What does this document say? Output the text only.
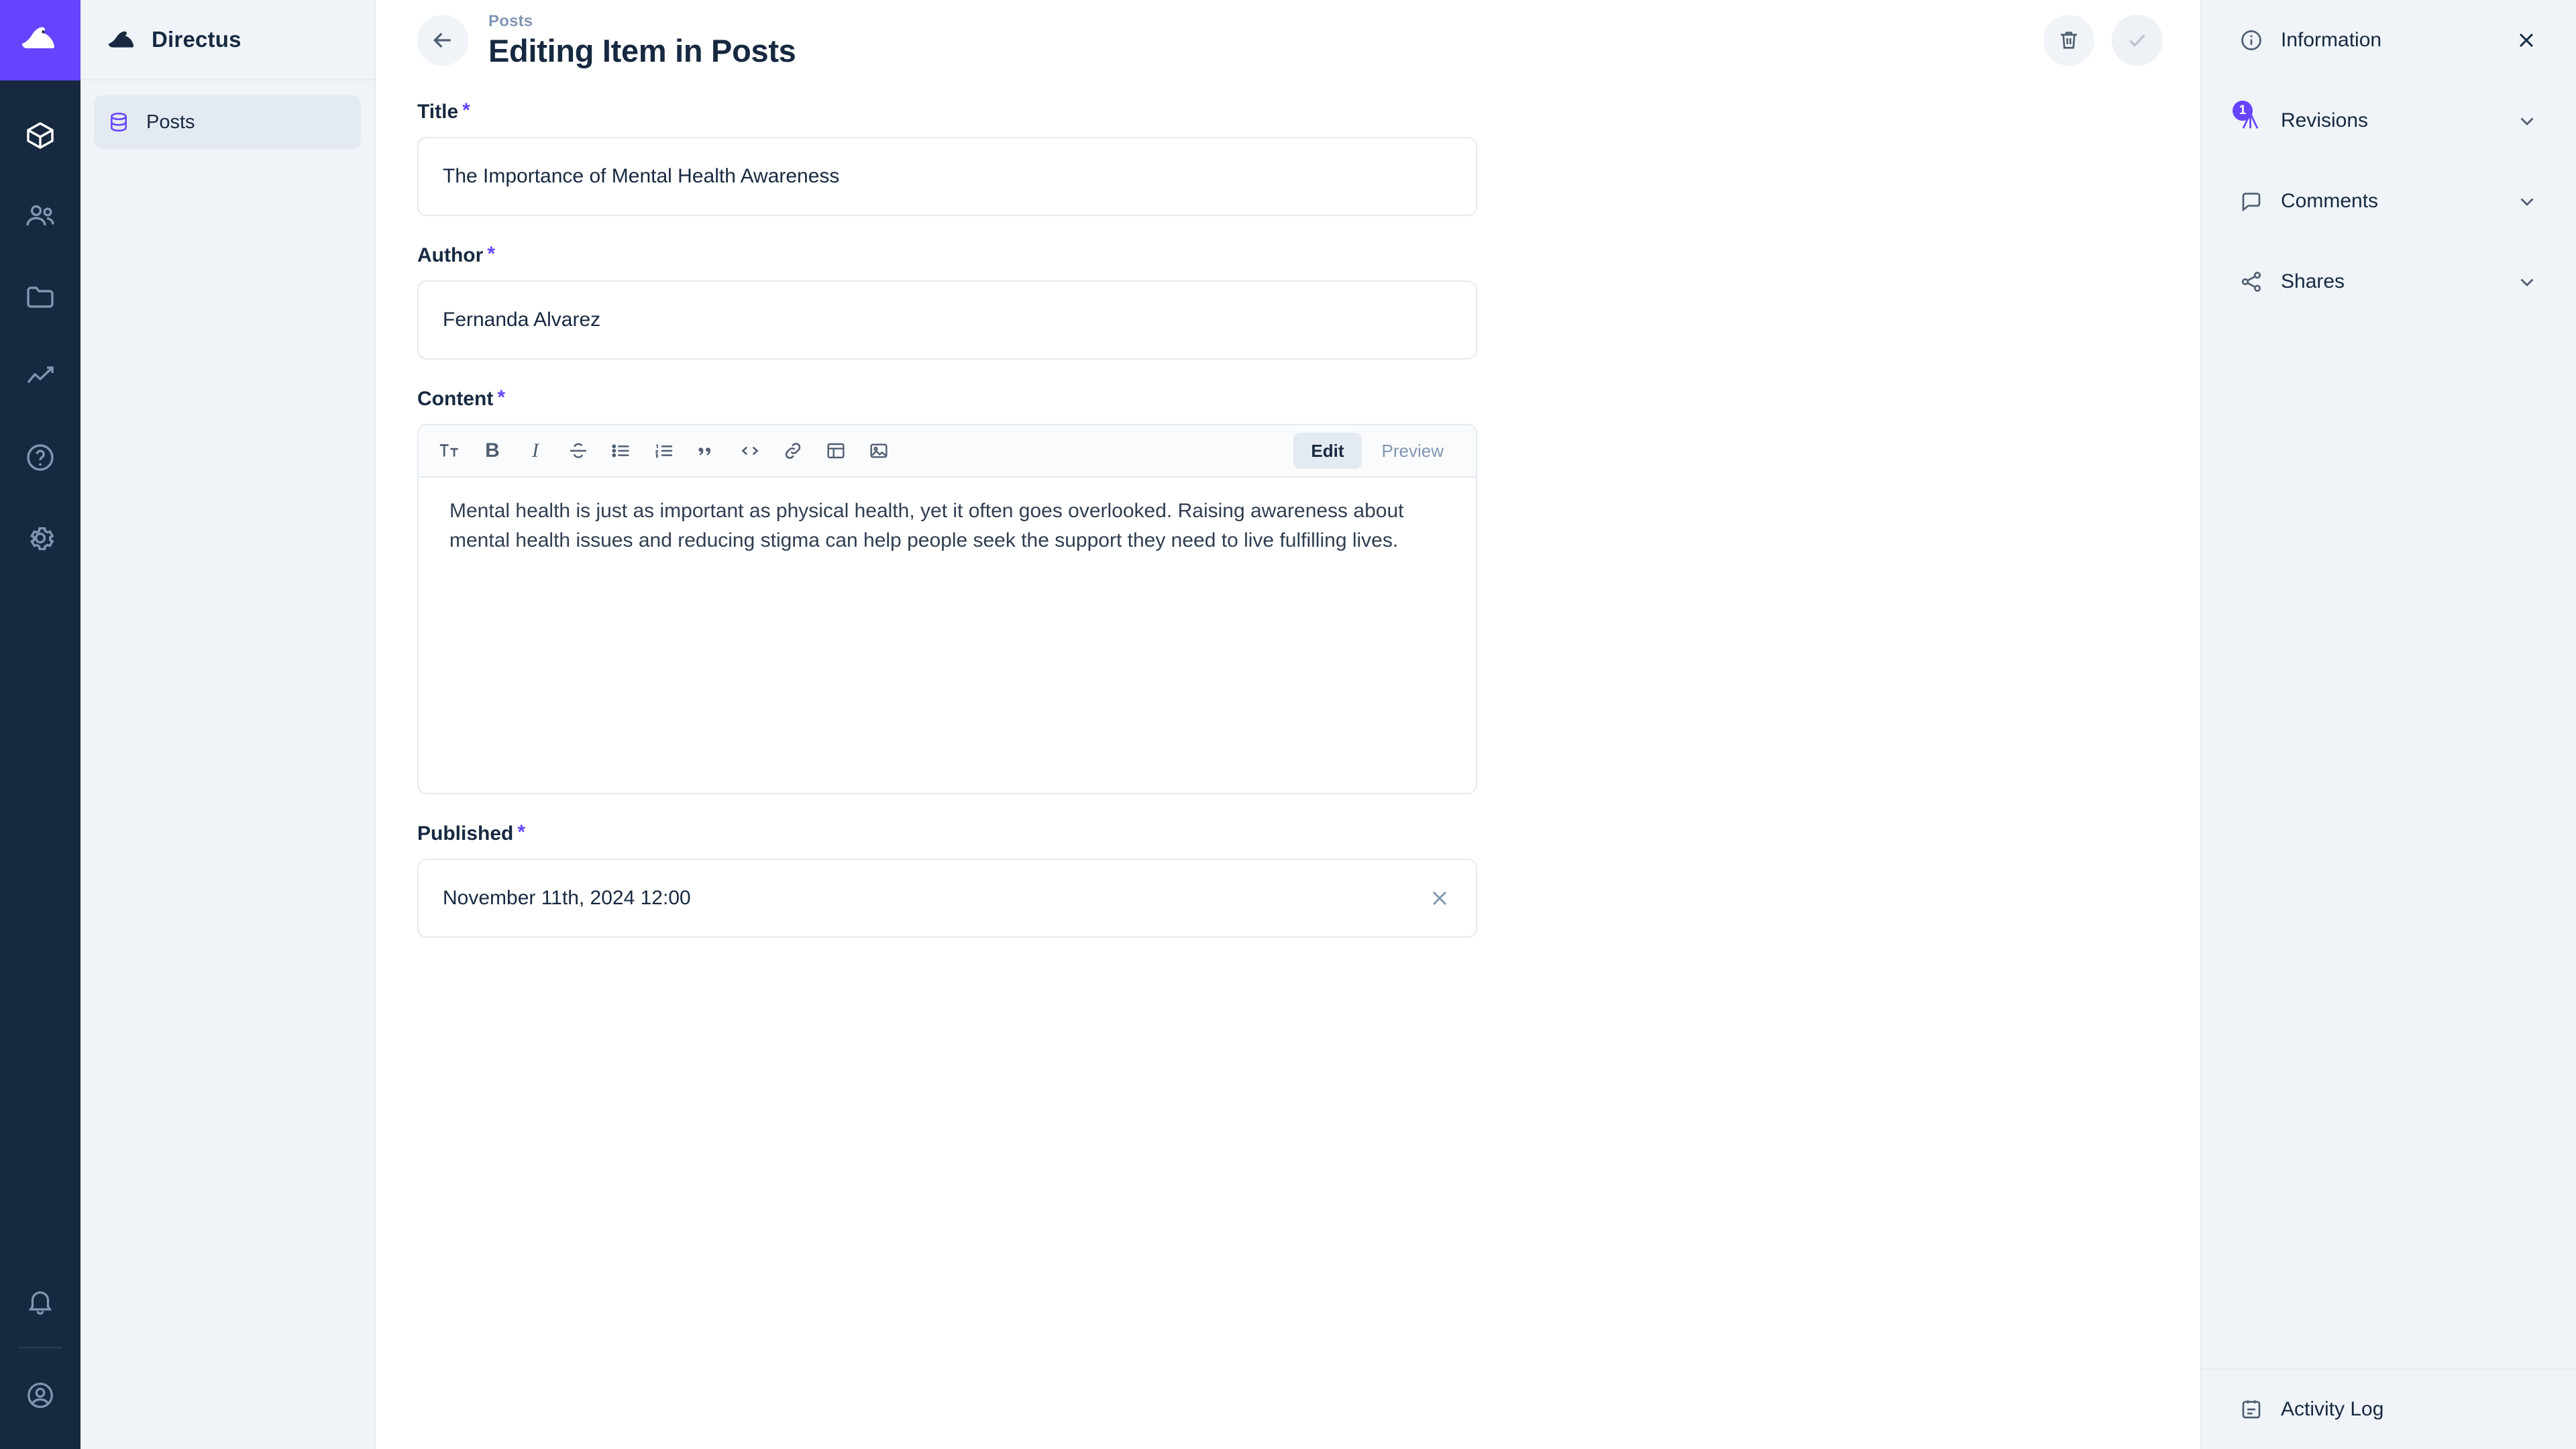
Directus
Posts
Posts
Editing Item in Posts
Title *
The Importance of Mental Health Awareness
Author *
Fernanda Alvarez
Content *
B I	Edit	Preview

Mental health is just as important as physical health, yet it often goes overlooked. Raising awareness about mental health issues and reducing stigma can help people seek the support they need to live fulfilling lives.

Published *
November 11th, 2024 12:00
Information
1	Revisions
Comments
Shares
Activity Log
